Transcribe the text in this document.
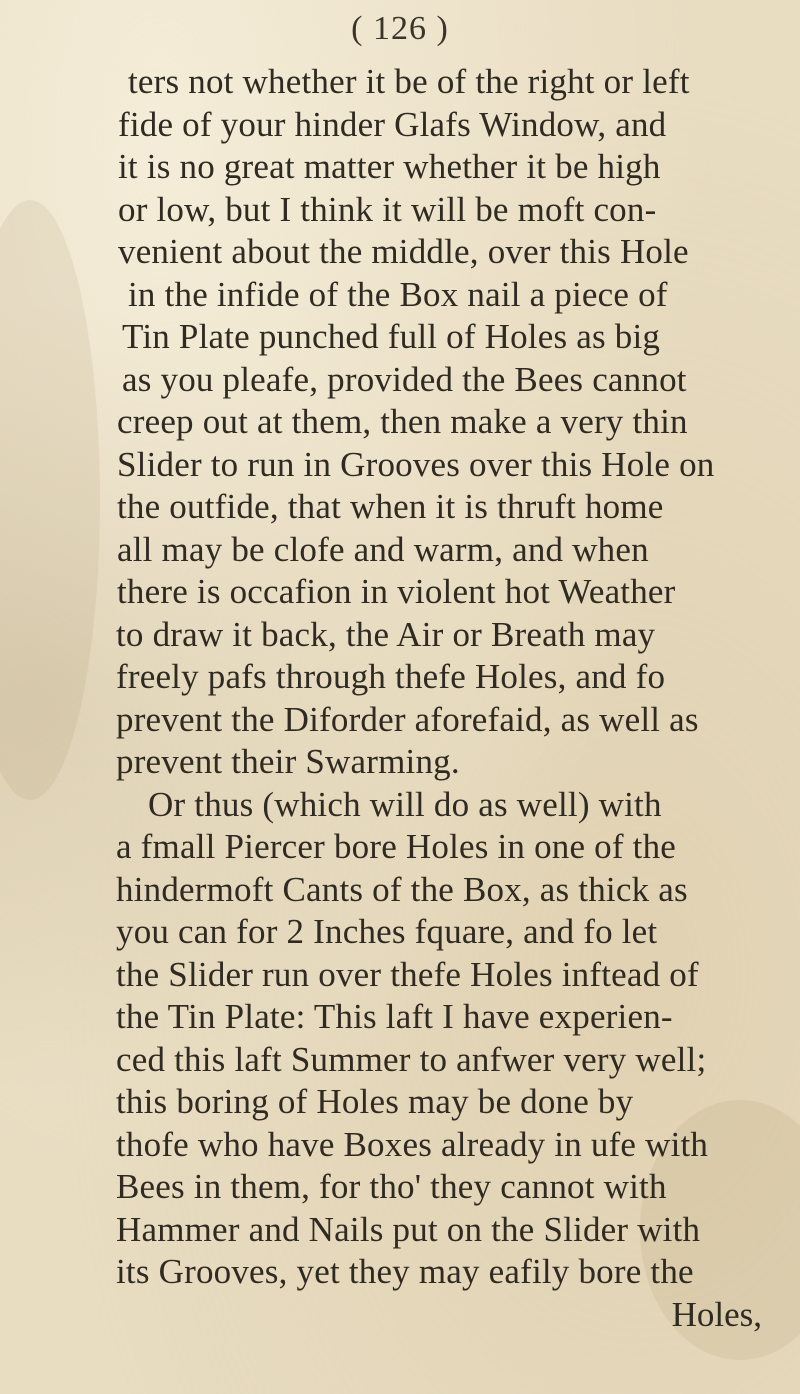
( 126 )
ters not whether it be of the right or left
fide of your hinder Glafs Window, and
it is no great matter whether it be high
or low, but I think it will be moft con-
venient about the middle, over this Hole
in the infide of the Box nail a piece of
Tin Plate punched full of Holes as big
as you pleafe, provided the Bees cannot
creep out at them, then make a very thin
Slider to run in Grooves over this Hole on
the outfide, that when it is thruft home
all may be clofe and warm, and when
there is occafion in violent hot Weather
to draw it back, the Air or Breath may
freely pafs through thefe Holes, and fo
prevent the Diforder aforefaid, as well as
prevent their Swarming.
Or thus (which will do as well) with
a fmall Piercer bore Holes in one of the
hindermoft Cants of the Box, as thick as
you can for 2 Inches fquare, and fo let
the Slider run over thefe Holes inftead of
the Tin Plate: This laft I have experien-
ced this laft Summer to anfwer very well;
this boring of Holes may be done by
thofe who have Boxes already in ufe with
Bees in them, for tho' they cannot with
Hammer and Nails put on the Slider with
its Grooves, yet they may eafily bore the
Holes,
